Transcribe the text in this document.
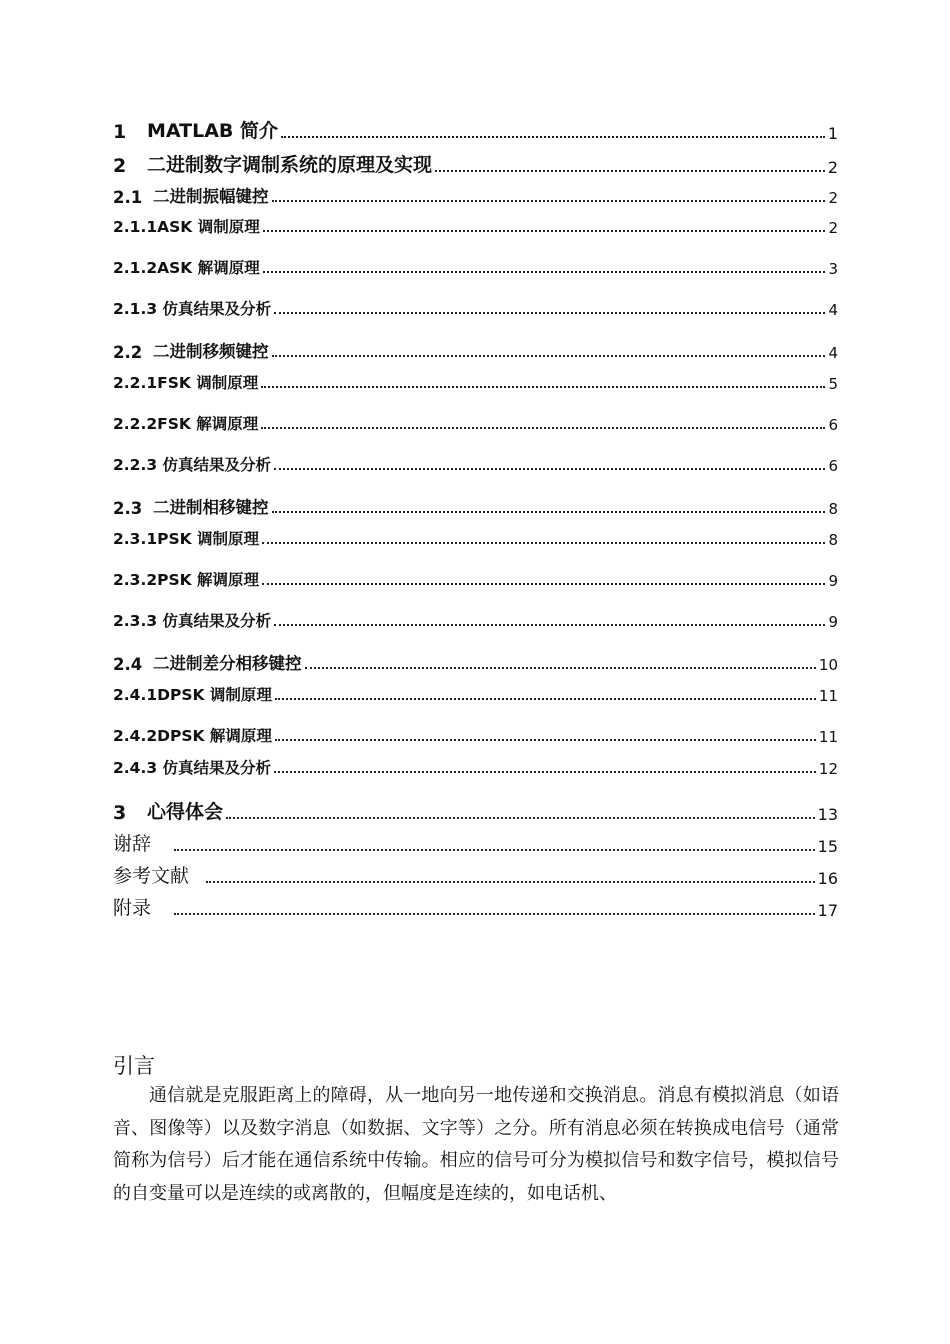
1	MATLAB 简介	1
2	二进制数字调制系统的原理及实现	2
2.1 二进制振幅键控	2
2.1.1ASK 调制原理	2
2.1.2ASK 解调原理	3
2.1.3 仿真结果及分析	4
2.2 二进制移频键控	4
2.2.1FSK 调制原理	5
2.2.2FSK 解调原理	6
2.2.3 仿真结果及分析	6
2.3 二进制相移键控	8
2.3.1PSK 调制原理	8
2.3.2PSK 解调原理	9
2.3.3 仿真结果及分析	9
2.4 二进制差分相移键控	10
2.4.1DPSK 调制原理	11
2.4.2DPSK 解调原理	11
2.4.3 仿真结果及分析	12
3	心得体会	13
谢辞	15
参考文献	16
附录	17
引言

通信就是克服距离上的障碍，从一地向另一地传递和交换消息。消息有模拟消息（如语音、图像等）以及数字消息（如数据、文字等）之分。所有消息必须在转换成电信号（通常简称为信号）后才能在通信系统中传输。相应的信号可分为模拟信号和数字信号，模拟信号的自变量可以是连续的或离散的，但幅度是连续的，如电话机、
